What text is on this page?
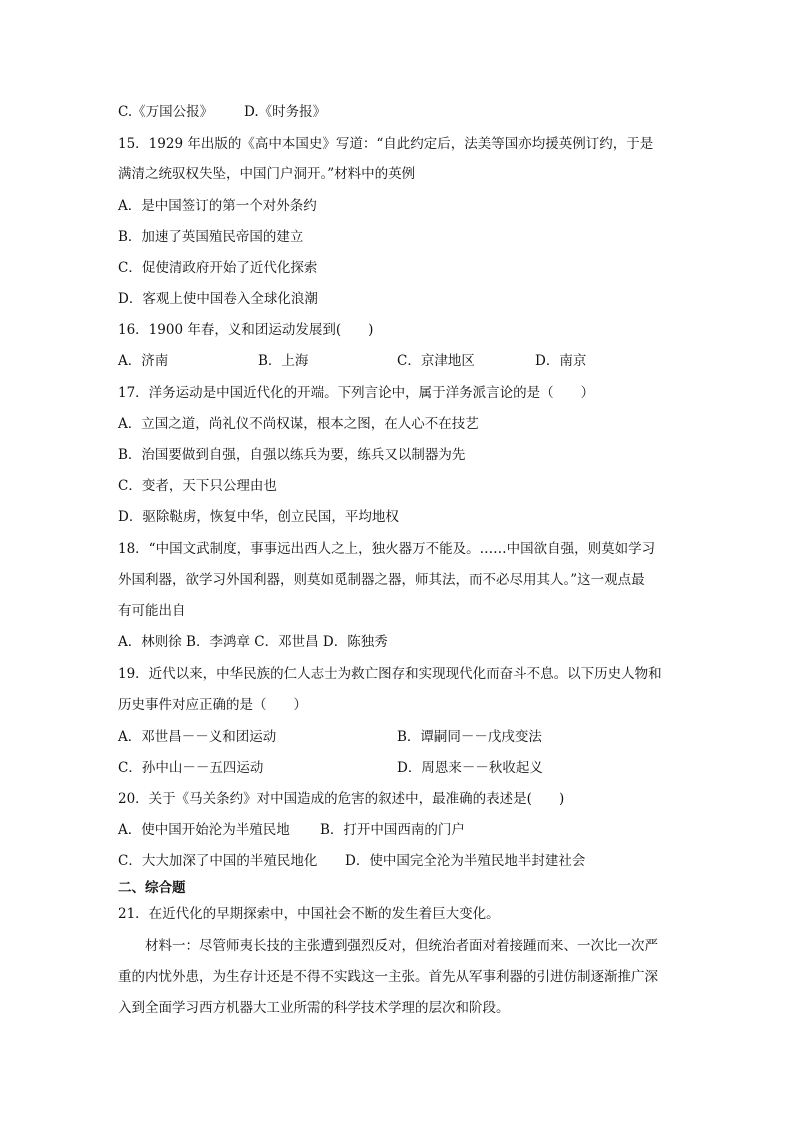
C.《万国公报》 D.《时务报》
15．1929 年出版的《高中本国史》写道：“自此约定后，法美等国亦均援英例订约，于是
满清之统驭权失坠，中国门户洞开。”材料中的英例
A．是中国签订的第一个对外条约
B．加速了英国殖民帝国的建立
C．促使清政府开始了近代化探索
D．客观上使中国卷入全球化浪潮
16．1900 年春，义和团运动发展到(　　)
A．济南	B．上海	C．京津地区	D．南京
17．洋务运动是中国近代化的开端。下列言论中，属于洋务派言论的是（　　）
A．立国之道，尚礼仪不尚权谋，根本之图，在人心不在技艺
B．治国要做到自强，自强以练兵为要，练兵又以制器为先
C．变者，天下只公理由也
D．驱除鞑虏，恢复中华，创立民国，平均地权
18．“中国文武制度，事事远出西人之上，独火器万不能及。……中国欲自强，则莫如学习
外国利器，欲学习外国利器，则莫如觅制器之器，师其法，而不必尽用其人。”这一观点最
有可能出自
A．林则徐 B．李鸿章 C．邓世昌 D．陈独秀
19．近代以来，中华民族的仁人志士为救亡图存和实现现代化而奋斗不息。以下历史人物和
历史事件对应正确的是（　　）
A．邓世昌－－义和团运动	B．谭嗣同－－戊戌变法
C．孙中山－－五四运动	D．周恩来－－秋收起义
20．关于《马关条约》对中国造成的危害的叙述中，最准确的表述是(　　)
A．使中国开始沦为半殖民地 B．打开中国西南的门户
C．大大加深了中国的半殖民地化 D．使中国完全沦为半殖民地半封建社会
二、综合题
21．在近代化的早期探索中，中国社会不断的发生着巨大变化。
材料一：尽管师夷长技的主张遭到强烈反对，但统治者面对着接踵而来、一次比一次严
重的内忧外患，为生存计还是不得不实践这一主张。首先从军事利器的引进仿制逐渐推广深
入到全面学习西方机器大工业所需的科学技术学理的层次和阶段。
